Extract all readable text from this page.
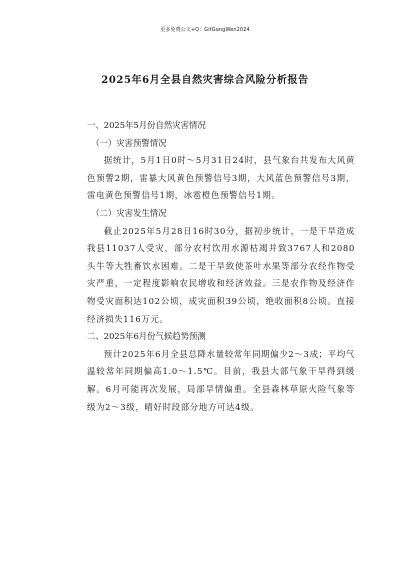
更多免费公文+Q：GitGongWen2024
2025年6月全县自然灾害综合风险分析报告

一、2025年5月份自然灾害情况

（一）灾害预警情况

据统计，5月1日0时～5月31日24时，县气象台共发布大风黄色预警2期，雷暴大风黄色预警信号3期，大风蓝色预警信号3期，雷电黄色预警信号1期，冰雹橙色预警信号1期。

（二）灾害发生情况

截止2025年5月28日16时30分，据初步统计，一是干旱造成我县11037人受灾，部分农村饮用水源枯竭并致3767人和2080头牛等大牲畜饮水困难。二是干旱致使茶叶水果等部分农经作物受灾严重，一定程度影响农民增收和经济效益。三是农作物及经济作物受灾面积达102公顷，成灾面积39公顷，绝收面积8公顷。直接经济损失116万元。

二、2025年6月份气候趋势预测

预计2025年6月全县总降水量较常年同期偏少2～3成；平均气温较常年同期偏高1.0～1.5℃。目前，我县大部气象干旱得到缓解。6月可能再次发展，局部旱情偏重。全县森林草原火险气象等级为2～3级，晴好时段部分地方可达4级。
